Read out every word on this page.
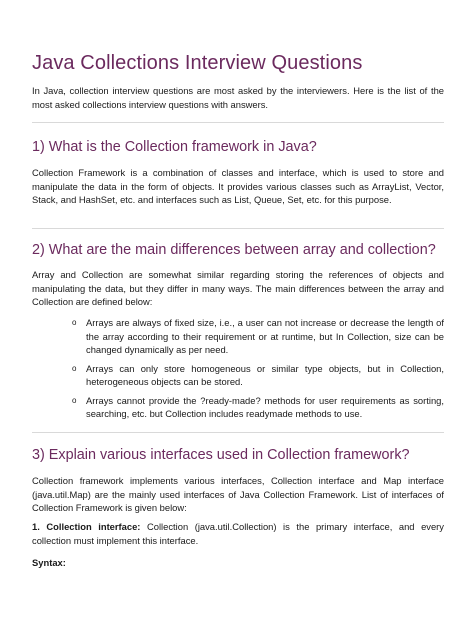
Java Collections Interview Questions

In Java, collection interview questions are most asked by the interviewers. Here is the list of the most asked collections interview questions with answers.

1) What is the Collection framework in Java?

Collection Framework is a combination of classes and interface, which is used to store and manipulate the data in the form of objects. It provides various classes such as ArrayList, Vector, Stack, and HashSet, etc. and interfaces such as List, Queue, Set, etc. for this purpose.

2) What are the main differences between array and collection?

Array and Collection are somewhat similar regarding storing the references of objects and manipulating the data, but they differ in many ways. The main differences between the array and Collection are defined below:

o Arrays are always of fixed size, i.e., a user can not increase or decrease the length of the array according to their requirement or at runtime, but In Collection, size can be changed dynamically as per need.
o Arrays can only store homogeneous or similar type objects, but in Collection, heterogeneous objects can be stored.
o Arrays cannot provide the ?ready-made? methods for user requirements as sorting, searching, etc. but Collection includes readymade methods to use.
3) Explain various interfaces used in Collection framework?

Collection framework implements various interfaces, Collection interface and Map interface (java.util.Map) are the mainly used interfaces of Java Collection Framework. List of interfaces of Collection Framework is given below:

1. Collection interface: Collection (java.util.Collection) is the primary interface, and every collection must implement this interface.

Syntax:
